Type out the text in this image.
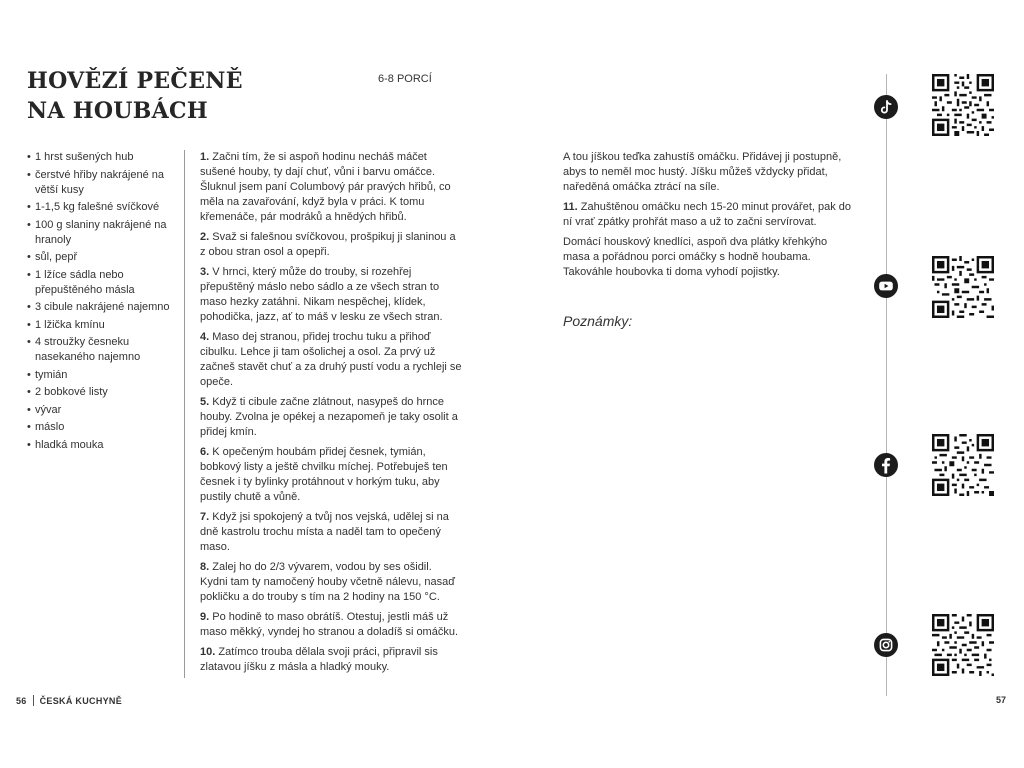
HOVĚZÍ PEČENĚ
NA HOUBÁCH
6-8 PORCÍ
• 1 hrst sušených hub
• čerstvé hřiby nakrájené na větší kusy
• 1-1,5 kg falešné svíčkové
• 100 g slaniny nakrájené na hranoly
• sůl, pepř
• 1 lžíce sádla nebo přepuštěného másla
• 3 cibule nakrájené najemno
• 1 lžička kmínu
• 4 stroužky česneku nasekaného najemno
• tymián
• 2 bobkové listy
• vývar
• máslo
• hladká mouka

1. Začni tím, že si aspoň hodinu necháš máčet sušené houby, ty dají chuť, vůni i barvu omáčce. Šluknul jsem paní Columbový pár pravých hřibů, co měla na zavařování, když byla v práci. K tomu křemenáče, pár modráků a hnědých hřibů.

2. Svaž si falešnou svíčkovou, prošpikuj ji slaninou a z obou stran osol a opepři.

3. V hrnci, který může do trouby, si rozehřej přepuštěný máslo nebo sádlo a ze všech stran to maso hezky zatáhni. Nikam nespěchej, klídek, pohodička, jazz, ať to máš v lesku ze všech stran.

4. Maso dej stranou, přidej trochu tuku a přihoď cibulku. Lehce ji tam ošolichej a osol. Za prvý už začneš stavět chuť a za druhý pustí vodu a rychleji se opeče.

5. Když ti cibule začne zlátnout, nasypeš do hrnce houby. Zvolna je opékej a nezapomeň je taky osolit a přidej kmín.

6. K opečeným houbám přidej česnek, tymián, bobkový listy a ještě chvilku míchej. Potřebuješ ten česnek i ty bylinky protáhnout v horkým tuku, aby pustily chutě a vůně.

7. Když jsi spokojený a tvůj nos vejská, udělej si na dně kastrolu trochu místa a naděl tam to opečený maso.

8. Zalej ho do 2/3 vývarem, vodou by ses ošidil. Kydni tam ty namočený houby včetně nálevu, nasaď pokličku a do trouby s tím na 2 hodiny na 150 °C.

9. Po hodině to maso obrátíš. Otestuj, jestli máš už maso měkký, vyndej ho stranou a doladíš si omáčku.

10. Zatímco trouba dělala svoji práci, připravil sis zlatavou jíšku z másla a hladký mouky.

A tou jíškou teďka zahustíš omáčku. Přidávej ji postupně, abys to neměl moc hustý. Jíšku můžeš vždycky přidat, naředěná omáčka ztrácí na síle.

11. Zahuštěnou omáčku nech 15-20 minut provářet, pak do ní vrať zpátky prohřát maso a už to začni servírovat.

Domácí houskový knedlíci, aspoň dva plátky křehkýho masa a pořádnou porci omáčky s hodně houbama. Takováhle houbovka ti doma vyhodí pojistky.

Poznámky:
56 ČESKÁ KUCHYNĚ	57
